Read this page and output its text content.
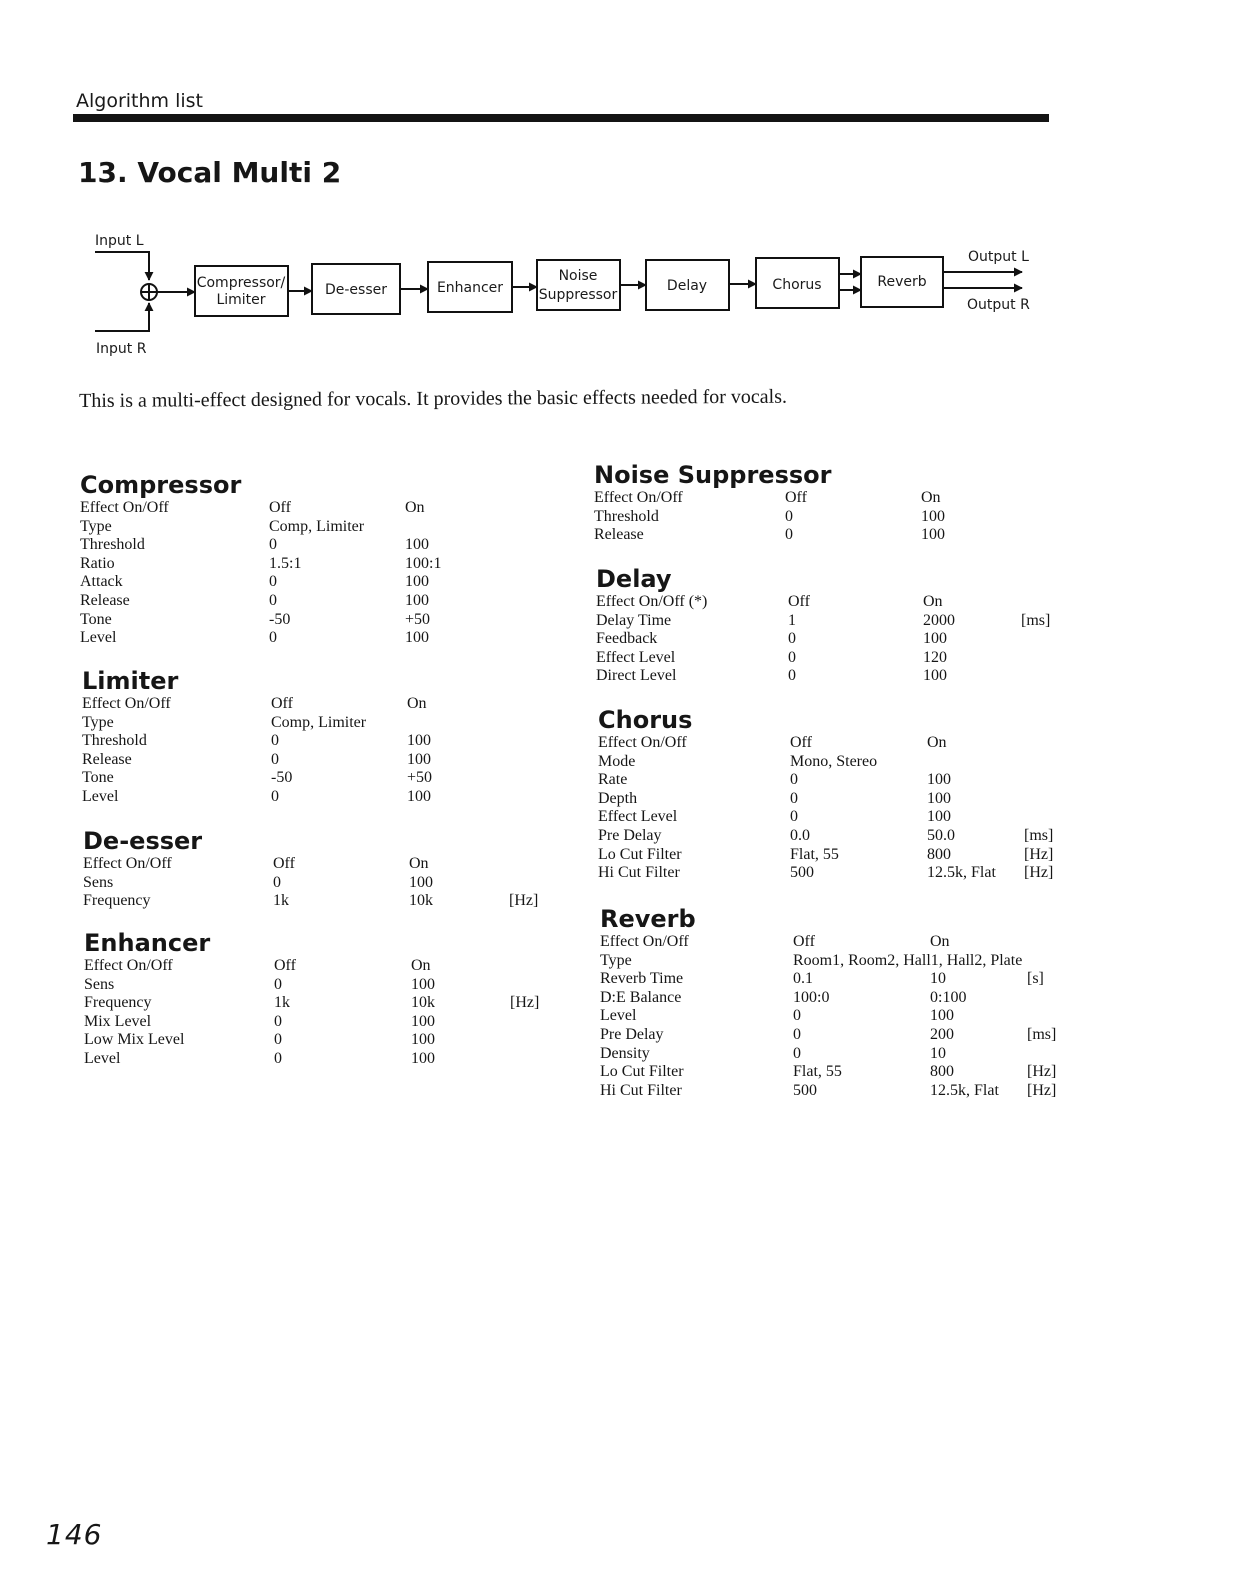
Algorithm list
13. Vocal Multi 2
Input L
Input R
Compressor/
Limiter
De-esser	Enhancer
Noise
Suppressor
Delay	Chorus	Reverb
Output L
Output R

This is a multi-effect designed for vocals. It provides the basic effects needed for vocals.

Compressor
Effect On/Off	Off	On
Type	Comp, Limiter
Threshold	0	100
Ratio	1.5:1	100:1
Attack	0	100
Release	0	100
Tone	-50	+50
Level	0	100
Limiter
Effect On/Off	Off	On
Type	Comp, Limiter
Threshold	0	100
Release	0	100
Tone	-50	+50
Level	0	100
De-esser
Effect On/Off	Off	On
Sens	0	100
Frequency	1k	10k	[Hz]
Enhancer
Effect On/Off	Off	On
Sens	0	100
Frequency	1k	10k	[Hz]
Mix Level	0	100
Low Mix Level	0	100
Level	0	100
Noise Suppressor
Effect On/Off	Off	On
Threshold	0	100
Release	0	100
Delay
Effect On/Off (*)	Off	On
Delay Time	1	2000	[ms]
Feedback	0	100
Effect Level	0	120
Direct Level	0	100
Chorus
Effect On/Off	Off	On
Mode	Mono, Stereo
Rate	0	100
Depth	0	100
Effect Level	0	100
Pre Delay	0.0	50.0	[ms]
Lo Cut Filter	Flat, 55	800	[Hz]
Hi Cut Filter	500	12.5k, Flat [Hz]
Reverb
Effect On/Off	Off	On
Type	Room1, Room2, Hall1, Hall2, Plate
Reverb Time	0.1	10	[s]
D:E Balance	100:0	0:100
Level	0	100
Pre Delay	0	200	[ms]
Density	0	10
Lo Cut Filter	Flat, 55	800	[Hz]
Hi Cut Filter	500	12.5k, Flat [Hz]
146
